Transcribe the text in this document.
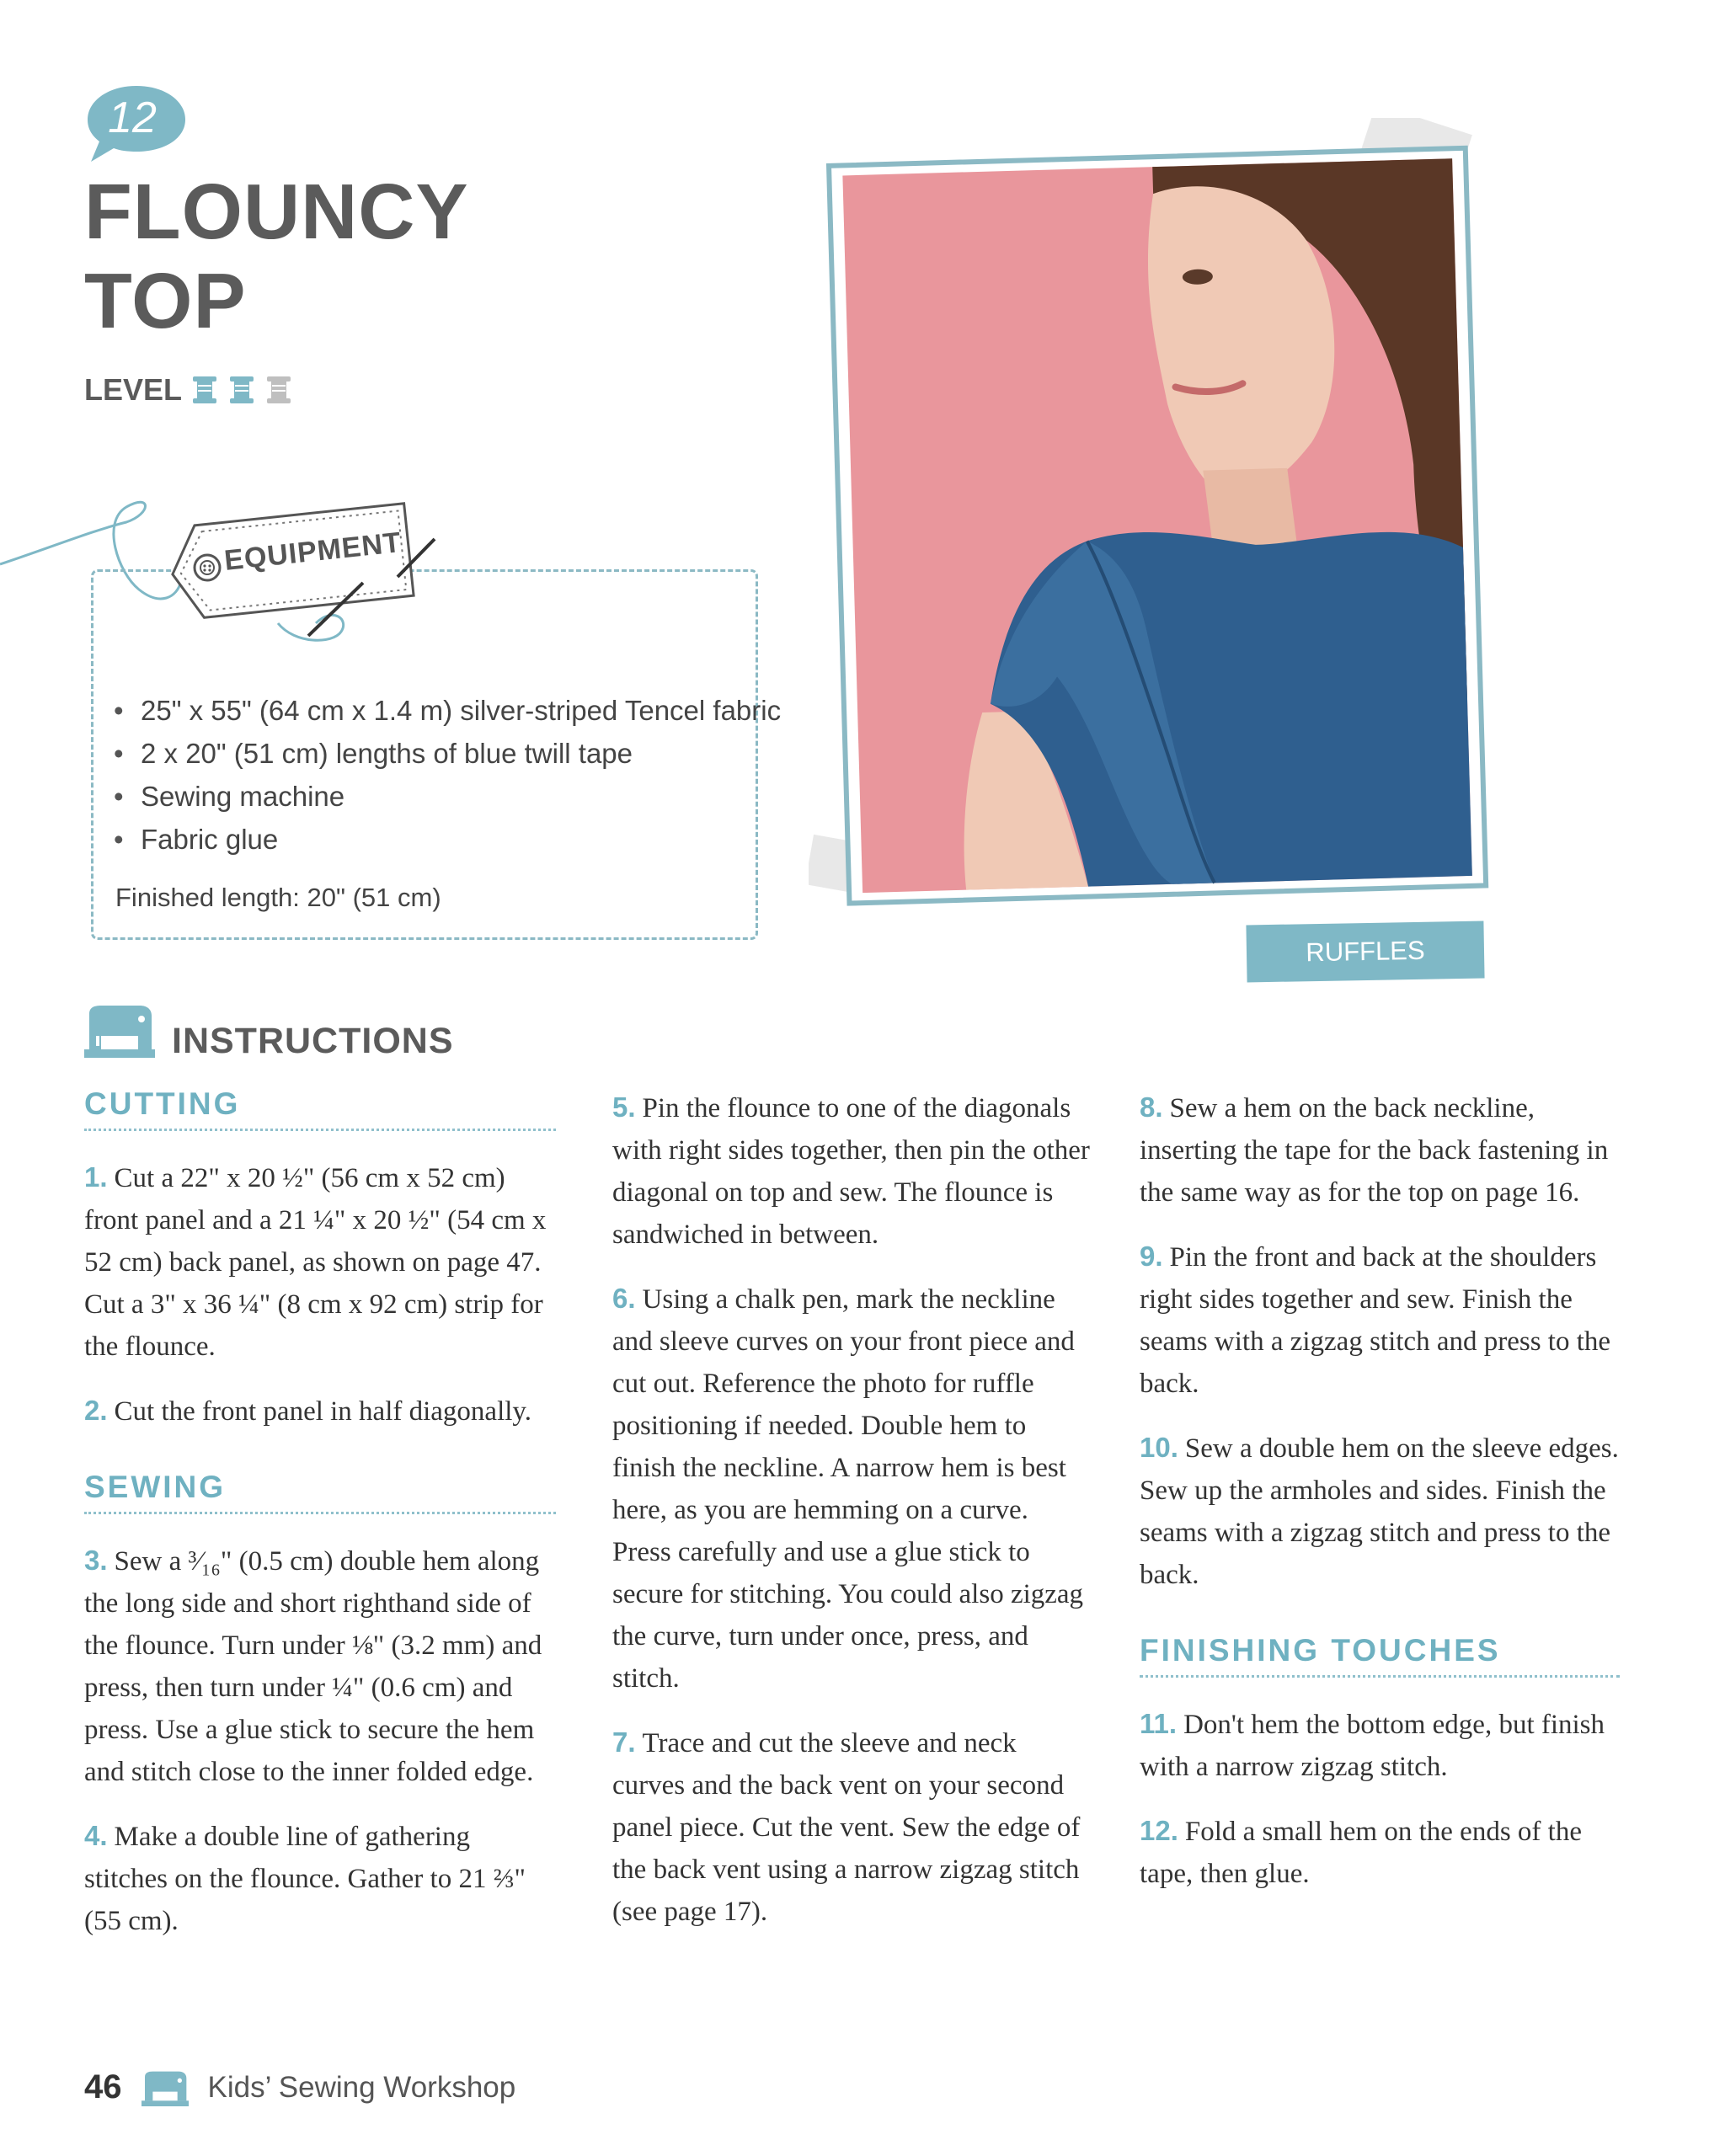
12
FLOUNCY
TOP
LEVEL
EQUIPMENT
• 25" x 55" (64 cm x 1.4 m) silver-striped Tencel fabric
• 2 x 20" (51 cm) lengths of blue twill tape
• Sewing machine
• Fabric glue
Finished length: 20" (51 cm)
RUFFLES
INSTRUCTIONS
CUTTING

1. Cut a 22" x 20 ½" (56 cm x 52 cm) front panel and a 21 ¼" x 20 ½" (54 cm x 52 cm) back panel, as shown on page 47. Cut a 3" x 36 ¼" (8 cm x 92 cm) strip for the flounce.

2. Cut the front panel in half diagonally.

SEWING

3. Sew a ³⁄₁₆" (0.5 cm) double hem along the long side and short righthand side of the flounce. Turn under ⅛" (3.2 mm) and press, then turn under ¼" (0.6 cm) and press. Use a glue stick to secure the hem and stitch close to the inner folded edge.

4. Make a double line of gathering stitches on the flounce. Gather to 21 ⅔" (55 cm).

5. Pin the flounce to one of the diagonals with right sides together, then pin the other diagonal on top and sew. The flounce is sandwiched in between.

6. Using a chalk pen, mark the neckline and sleeve curves on your front piece and cut out. Reference the photo for ruffle positioning if needed. Double hem to finish the neckline. A narrow hem is best here, as you are hemming on a curve. Press carefully and use a glue stick to secure for stitching. You could also zigzag the curve, turn under once, press, and stitch.

7. Trace and cut the sleeve and neck curves and the back vent on your second panel piece. Cut the vent. Sew the edge of the back vent using a narrow zigzag stitch (see page 17).

8. Sew a hem on the back neckline, inserting the tape for the back fastening in the same way as for the top on page 16.

9. Pin the front and back at the shoulders right sides together and sew. Finish the seams with a zigzag stitch and press to the back.

10. Sew a double hem on the sleeve edges. Sew up the armholes and sides. Finish the seams with a zigzag stitch and press to the back.

FINISHING TOUCHES

11. Don't hem the bottom edge, but finish with a narrow zigzag stitch.

12. Fold a small hem on the ends of the tape, then glue.

46	Kids’ Sewing Workshop
